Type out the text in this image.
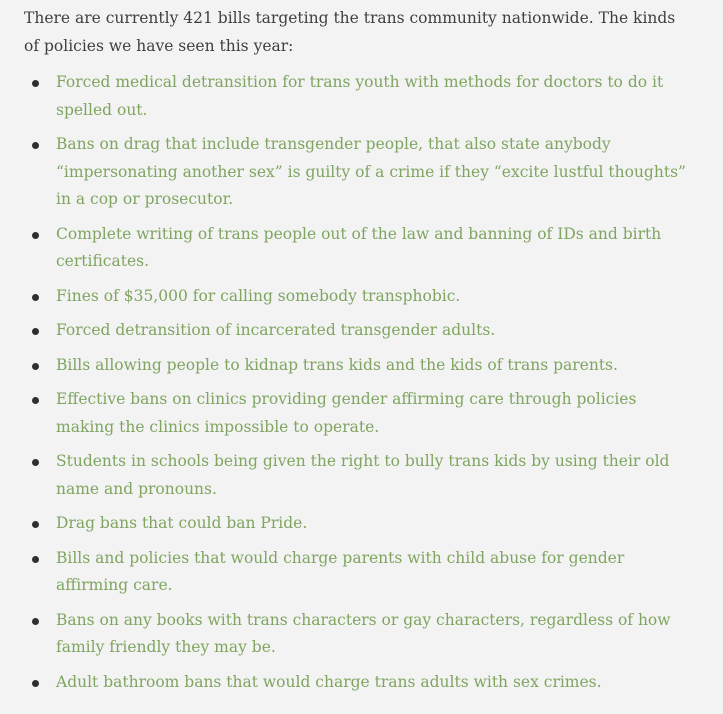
There are currently 421 bills targeting the trans community nationwide. The kinds of policies we have seen this year:

Forced medical detransition for trans youth with methods for doctors to do it spelled out.
Bans on drag that include transgender people, that also state anybody “impersonating another sex” is guilty of a crime if they “excite lustful thoughts” in a cop or prosecutor.
Complete writing of trans people out of the law and banning of IDs and birth certificates.
Fines of $35,000 for calling somebody transphobic.
Forced detransition of incarcerated transgender adults.
Bills allowing people to kidnap trans kids and the kids of trans parents.
Effective bans on clinics providing gender affirming care through policies making the clinics impossible to operate.
Students in schools being given the right to bully trans kids by using their old name and pronouns.
Drag bans that could ban Pride.
Bills and policies that would charge parents with child abuse for gender affirming care.
Bans on any books with trans characters or gay characters, regardless of how family friendly they may be.
Adult bathroom bans that would charge trans adults with sex crimes.
